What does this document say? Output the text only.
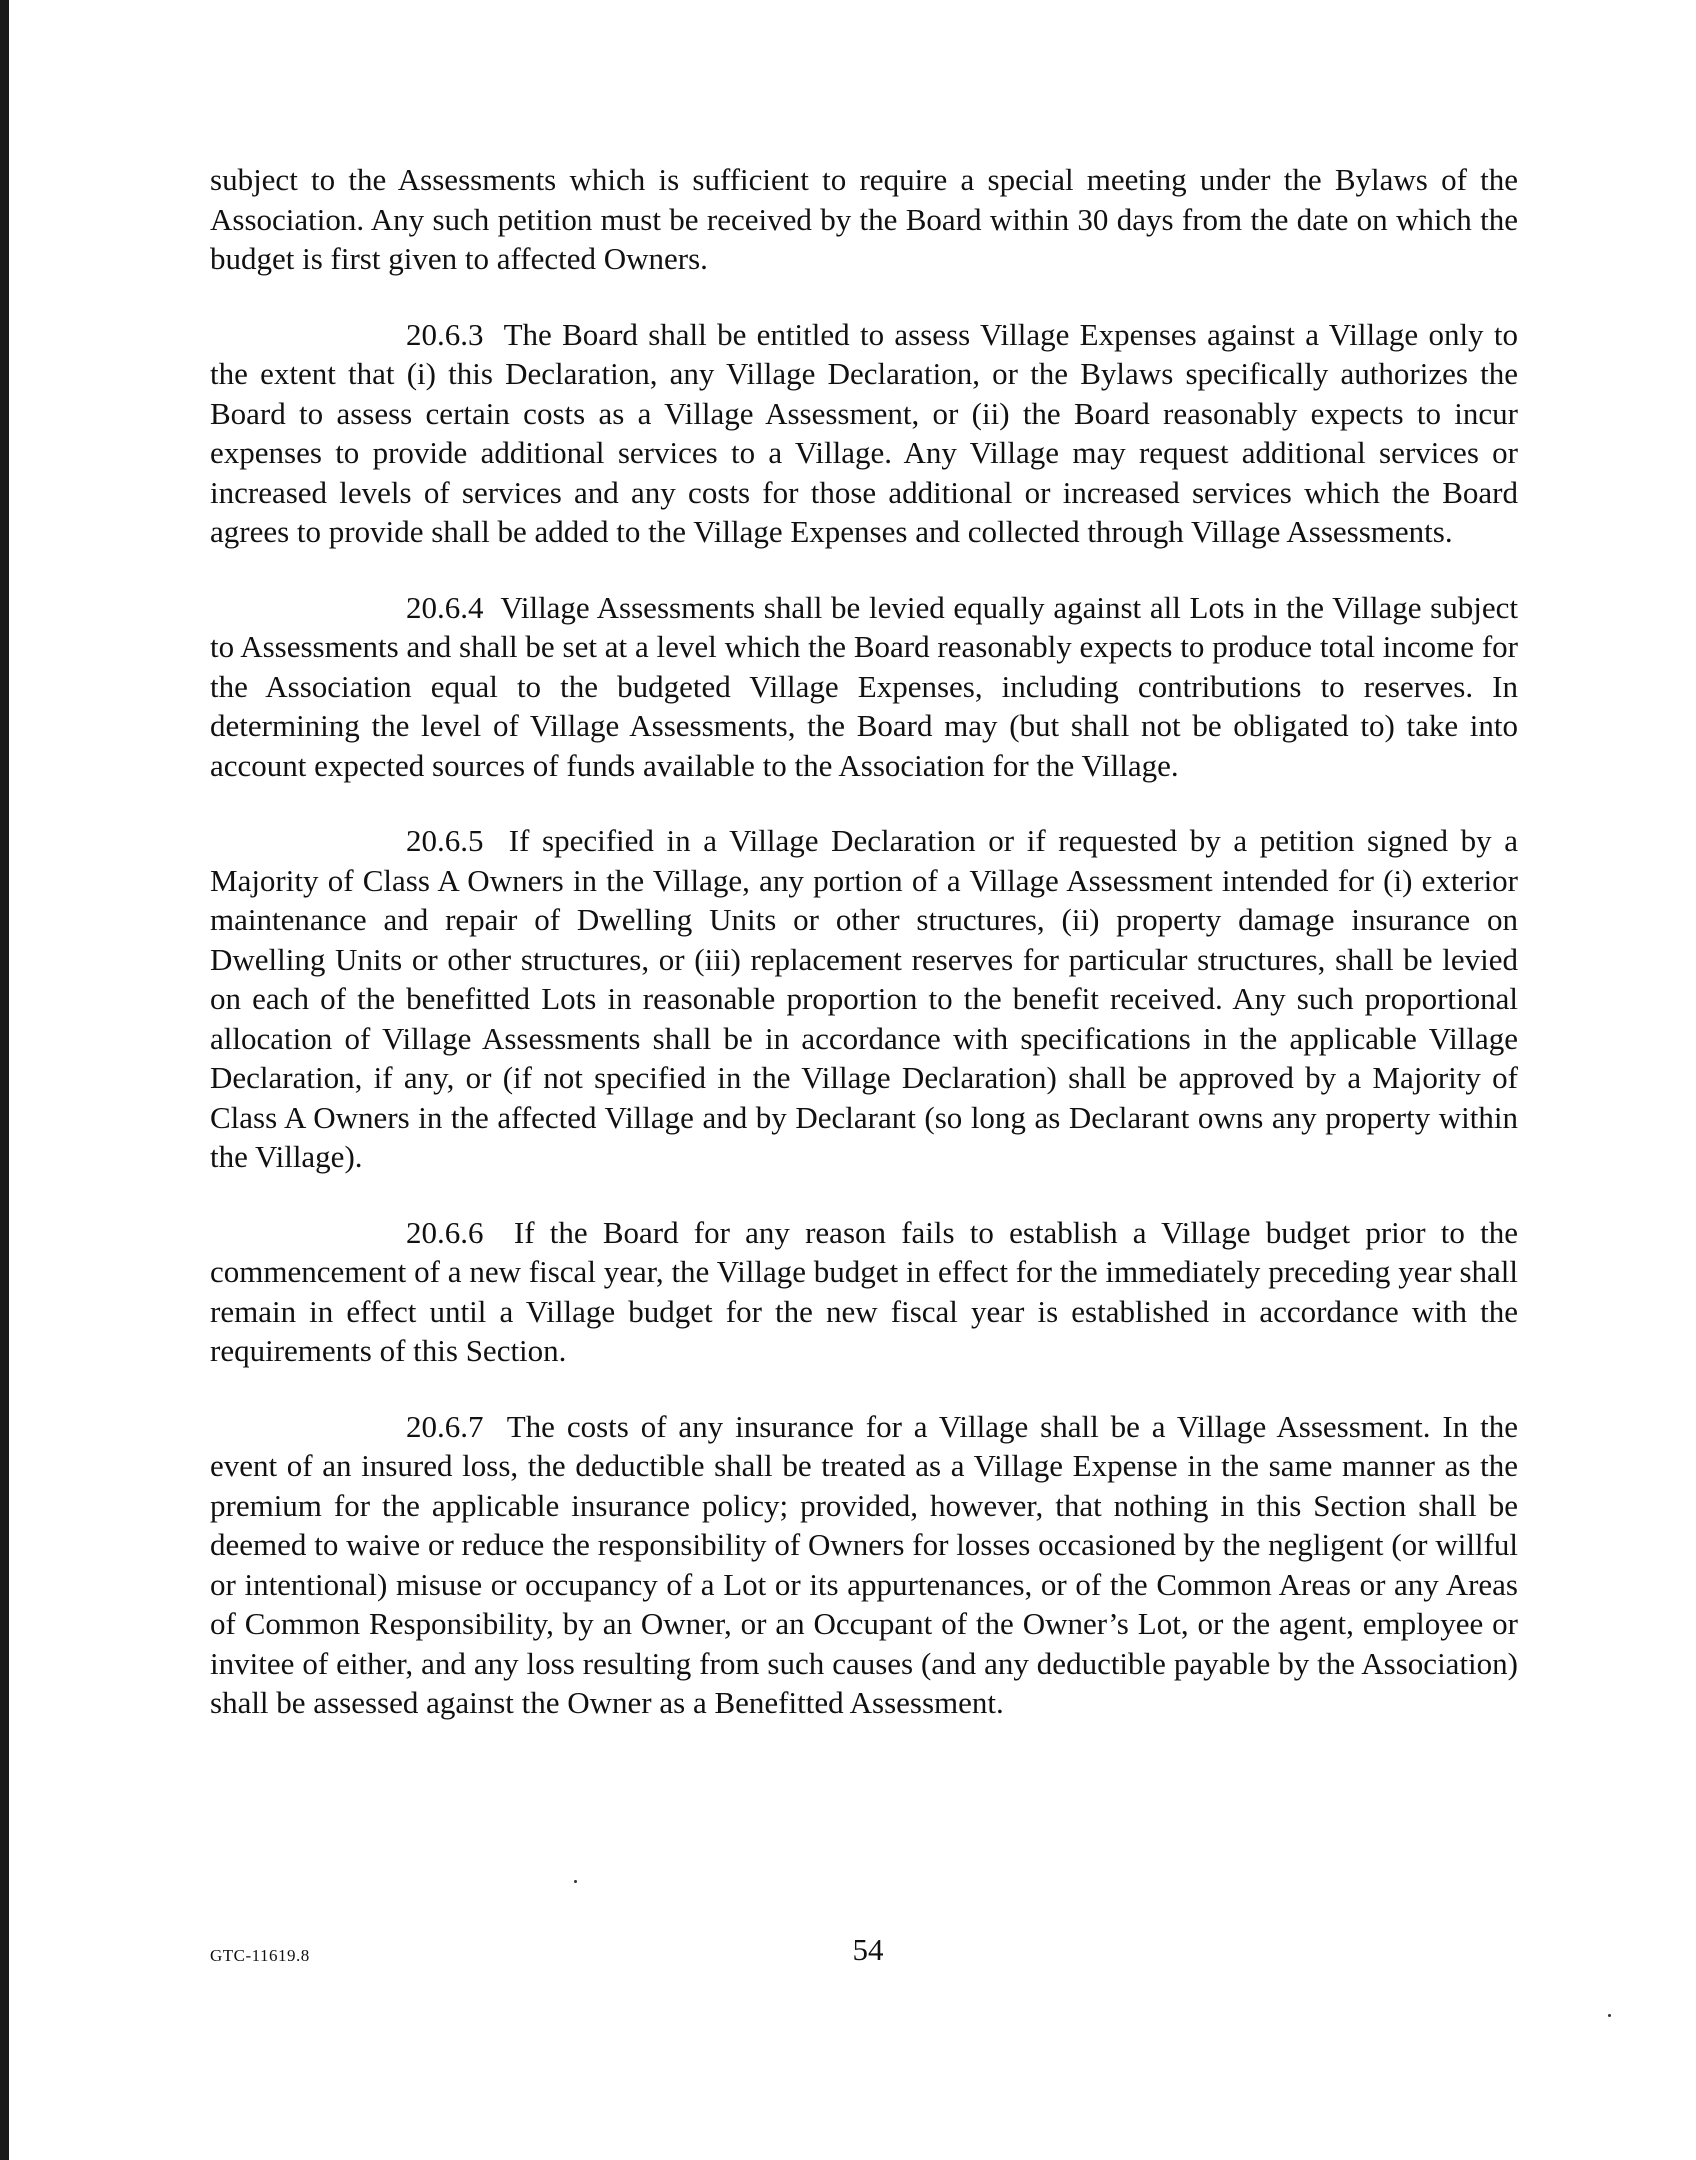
subject to the Assessments which is sufficient to require a special meeting under the Bylaws of the Association. Any such petition must be received by the Board within 30 days from the date on which the budget is first given to affected Owners.

20.6.3 The Board shall be entitled to assess Village Expenses against a Village only to the extent that (i) this Declaration, any Village Declaration, or the Bylaws specifically authorizes the Board to assess certain costs as a Village Assessment, or (ii) the Board reasonably expects to incur expenses to provide additional services to a Village. Any Village may request additional services or increased levels of services and any costs for those additional or increased services which the Board agrees to provide shall be added to the Village Expenses and collected through Village Assessments.

20.6.4 Village Assessments shall be levied equally against all Lots in the Village subject to Assessments and shall be set at a level which the Board reasonably expects to produce total income for the Association equal to the budgeted Village Expenses, including contributions to reserves. In determining the level of Village Assessments, the Board may (but shall not be obligated to) take into account expected sources of funds available to the Association for the Village.

20.6.5 If specified in a Village Declaration or if requested by a petition signed by a Majority of Class A Owners in the Village, any portion of a Village Assessment intended for (i) exterior maintenance and repair of Dwelling Units or other structures, (ii) property damage insurance on Dwelling Units or other structures, or (iii) replacement reserves for particular structures, shall be levied on each of the benefitted Lots in reasonable proportion to the benefit received. Any such proportional allocation of Village Assessments shall be in accordance with specifications in the applicable Village Declaration, if any, or (if not specified in the Village Declaration) shall be approved by a Majority of Class A Owners in the affected Village and by Declarant (so long as Declarant owns any property within the Village).

20.6.6 If the Board for any reason fails to establish a Village budget prior to the commencement of a new fiscal year, the Village budget in effect for the immediately preceding year shall remain in effect until a Village budget for the new fiscal year is established in accordance with the requirements of this Section.

20.6.7 The costs of any insurance for a Village shall be a Village Assessment. In the event of an insured loss, the deductible shall be treated as a Village Expense in the same manner as the premium for the applicable insurance policy; provided, however, that nothing in this Section shall be deemed to waive or reduce the responsibility of Owners for losses occasioned by the negligent (or willful or intentional) misuse or occupancy of a Lot or its appurtenances, or of the Common Areas or any Areas of Common Responsibility, by an Owner, or an Occupant of the Owner’s Lot, or the agent, employee or invitee of either, and any loss resulting from such causes (and any deductible payable by the Association) shall be assessed against the Owner as a Benefitted Assessment.

GTC-11619.8	54
